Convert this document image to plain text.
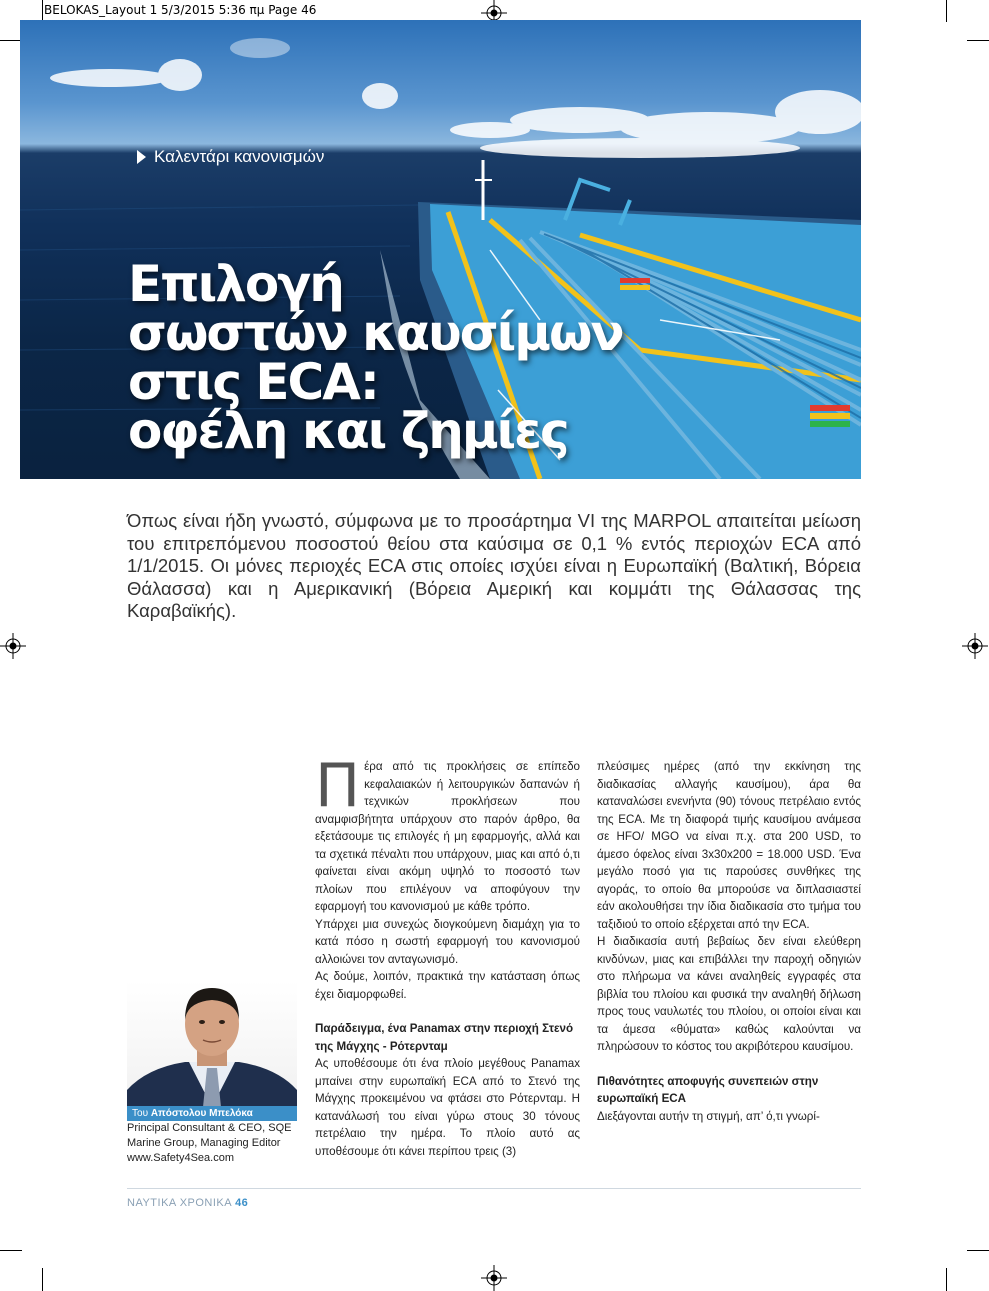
BELOKAS_Layout 1 5/3/2015 5:36 πμ Page 46
Καλεντάρι κανονισμών
Επιλογή
σωστών καυσίμων
στις ECA:
οφέλη και ζημίες
Όπως είναι ήδη γνωστό, σύμφωνα με το προσάρτημα VI της MARPOL απαιτείται μείωση του επιτρεπόμενου ποσοστού θείου στα καύσιμα σε 0,1 % εντός περιοχών ECA από 1/1/2015. Οι μόνες περιοχές ECA στις οποίες ισχύει είναι η Ευρωπαϊκή (Βαλτική, Βόρεια Θάλασσα) και η Αμερικανική (Βόρεια Αμερική και κομμάτι της Θάλασσας της Καραβαϊκής).
Του Απόστολου Μπελόκα
Principal Consultant & CEO, SQE
Marine Group, Managing Editor
www.Safety4Sea.com

Πέρα από τις προκλήσεις σε επίπεδο κεφαλαιακών ή λειτουργικών δαπανών ή τεχνικών προκλήσεων που αναμφισβήτητα υπάρχουν στο παρόν άρθρο, θα εξετάσουμε τις επιλογές ή μη εφαρμογής, αλλά και τα σχετικά πέναλτι που υπάρχουν, μιας και από ό,τι φαίνεται είναι ακόμη υψηλό το ποσοστό των πλοίων που επιλέγουν να αποφύγουν την εφαρμογή του κανονισμού με κάθε τρόπο.

Υπάρχει μια συνεχώς διογκούμενη διαμάχη για το κατά πόσο η σωστή εφαρμογή του κανονισμού αλλοιώνει τον ανταγωνισμό.

Ας δούμε, λοιπόν, πρακτικά την κατάσταση όπως έχει διαμορφωθεί.

Παράδειγμα, ένα Panamax στην περιοχή Στενό της Μάγχης - Ρότερνταμ

Ας υποθέσουμε ότι ένα πλοίο μεγέθους Panamax μπαίνει στην ευρωπαϊκή ECA από το Στενό της Μάγχης προκειμένου να φτάσει στο Ρότερνταμ. Η κατανάλωσή του είναι γύρω στους 30 τόνους πετρέλαιο την ημέρα. Το πλοίο αυτό ας υποθέσουμε ότι κάνει περίπου τρεις (3)

πλεύσιμες ημέρες (από την εκκίνηση της διαδικασίας αλλαγής καυσίμου), άρα θα καταναλώσει ενενήντα (90) τόνους πετρέλαιο εντός της ECA. Με τη διαφορά τιμής καυσίμου ανάμεσα σε HFO/ MGO να είναι π.χ. στα 200 USD, το άμεσο όφελος είναι 3x30x200 = 18.000 USD. Ένα μεγάλο ποσό για τις παρούσες συνθήκες της αγοράς, το οποίο θα μπορούσε να διπλασιαστεί εάν ακολουθήσει την ίδια διαδικασία στο τμήμα του ταξιδιού το οποίο εξέρχεται από την ECA.

Η διαδικασία αυτή βεβαίως δεν είναι ελεύθερη κινδύνων, μιας και επιβάλλει την παροχή οδηγιών στο πλήρωμα να κάνει αναληθείς εγγραφές στα βιβλία του πλοίου και φυσικά την αναληθή δήλωση προς τους ναυλωτές του πλοίου, οι οποίοι είναι και τα άμεσα «θύματα» καθώς καλούνται να πληρώσουν το κόστος του ακριβότερου καυσίμου.

Πιθανότητες αποφυγής συνεπειών στην ευρωπαϊκή ECA

Διεξάγονται αυτήν τη στιγμή, απ’ ό,τι γνωρί-

ΝΑΥΤΙΚΑ ΧΡΟΝΙΚΑ 46
